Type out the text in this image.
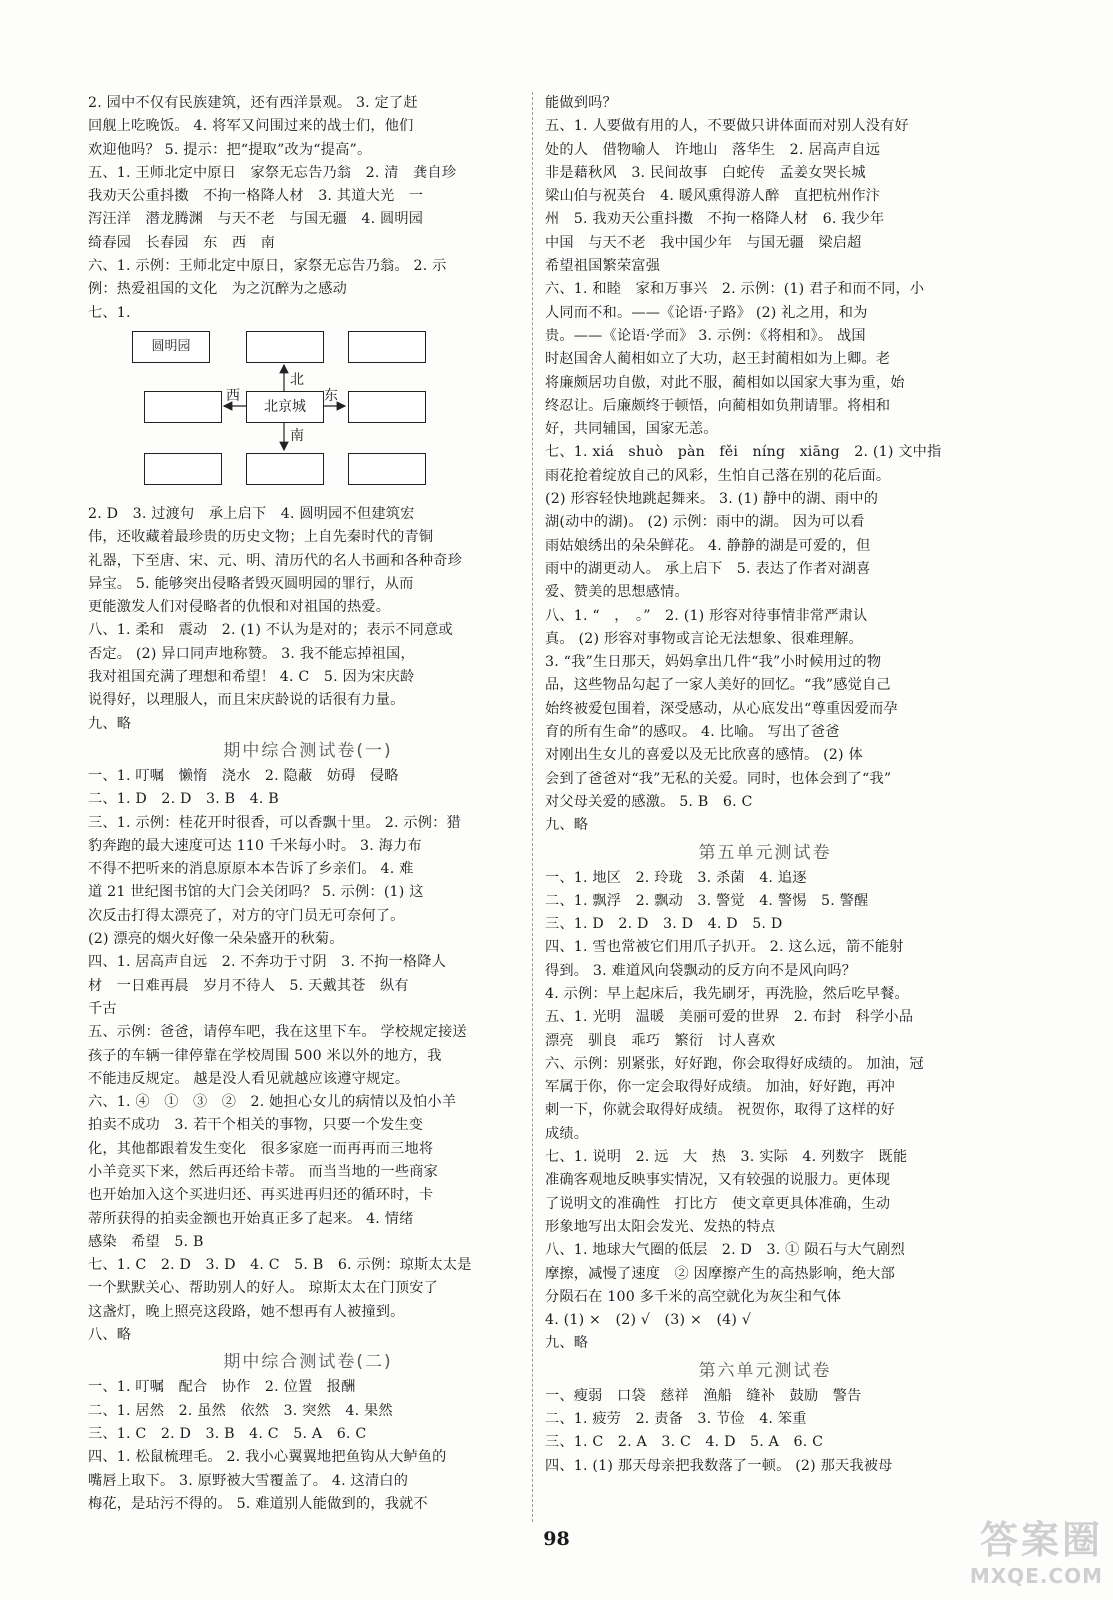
2. 园中不仅有民族建筑，还有西洋景观。 3. 定了赶
回舰上吃晚饭。 4. 将军又问围过来的战士们，他们
欢迎他吗？ 5. 提示：把“提取”改为“提高”。
五、1. 王师北定中原日　家祭无忘告乃翁　2. 清　龚自珍
我劝天公重抖擞　不拘一格降人材　3. 其道大光　一
泻汪洋　潜龙腾渊　与天不老　与国无疆　4. 圆明园
绮春园　长春园　东　西　南
六、1. 示例：王师北定中原日，家祭无忘告乃翁。 2. 示
例：热爱祖国的文化　为之沉醉为之感动
七、1.
圆明园
北京城
北
南
西	东
2. D　3. 过渡句　承上启下　4. 圆明园不但建筑宏
伟，还收藏着最珍贵的历史文物；上自先秦时代的青铜
礼器，下至唐、宋、元、明、清历代的名人书画和各种奇珍
异宝。 5. 能够突出侵略者毁灭圆明园的罪行，从而
更能激发人们对侵略者的仇恨和对祖国的热爱。
八、1. 柔和　震动　2. (1) 不认为是对的；表示不同意或
否定。 (2) 异口同声地称赞。 3. 我不能忘掉祖国，
我对祖国充满了理想和希望！ 4. C　5. 因为宋庆龄
说得好，以理服人，而且宋庆龄说的话很有力量。
九、略
期中综合测试卷(一)
一、1. 叮嘱　懒惰　浇水　2. 隐蔽　妨碍　侵略
二、1. D　2. D　3. B　4. B
三、1. 示例：桂花开时很香，可以香飘十里。 2. 示例：猎
豹奔跑的最大速度可达 110 千米每小时。 3. 海力布
不得不把听来的消息原原本本告诉了乡亲们。 4. 难
道 21 世纪图书馆的大门会关闭吗？ 5. 示例：(1) 这
次反击打得太漂亮了，对方的守门员无可奈何了。
(2) 漂亮的烟火好像一朵朵盛开的秋菊。
四、1. 居高声自远　2. 不奔功于寸阴　3. 不拘一格降人
材　一日难再晨　岁月不待人　5. 天戴其苍　纵有
千古
五、示例：爸爸，请停车吧，我在这里下车。 学校规定接送
孩子的车辆一律停靠在学校周围 500 米以外的地方，我
不能违反规定。 越是没人看见就越应该遵守规定。
六、1. ④　①　③　②　2. 她担心女儿的病情以及怕小羊
拍卖不成功　3. 若干个相关的事物，只要一个发生变
化，其他都跟着发生变化　很多家庭一而再再而三地将
小羊竞买下来，然后再还给卡蒂。 而当当地的一些商家
也开始加入这个买进归还、再买进再归还的循环时，卡
蒂所获得的拍卖金额也开始真正多了起来。 4. 情绪
感染　希望　5. B
七、1. C　2. D　3. D　4. C　5. B　6. 示例：琼斯太太是
一个默默关心、帮助别人的好人。 琼斯太太在门顶安了
这盏灯，晚上照亮这段路，她不想再有人被撞到。
八、略
期中综合测试卷(二)
一、1. 叮嘱　配合　协作　2. 位置　报酬
二、1. 居然　2. 虽然　依然　3. 突然　4. 果然
三、1. C　2. D　3. B　4. C　5. A　6. C
四、1. 松鼠梳理毛。 2. 我小心翼翼地把鱼钩从大鲈鱼的
嘴唇上取下。 3. 原野被大雪覆盖了。 4. 这清白的
梅花，是玷污不得的。 5. 难道别人能做到的，我就不
能做到吗？
五、1. 人要做有用的人，不要做只讲体面而对别人没有好
处的人　借物喻人　许地山　落华生　2. 居高声自远
非是藉秋风　3. 民间故事　白蛇传　孟姜女哭长城
梁山伯与祝英台　4. 暖风熏得游人醉　直把杭州作汴
州　5. 我劝天公重抖擞　不拘一格降人材　6. 我少年
中国　与天不老　我中国少年　与国无疆　梁启超
希望祖国繁荣富强
六、1. 和睦　家和万事兴　2. 示例：(1) 君子和而不同，小
人同而不和。——《论语·子路》 (2) 礼之用，和为
贵。——《论语·学而》 3. 示例：《将相和》。 战国
时赵国舍人蔺相如立了大功，赵王封蔺相如为上卿。老
将廉颇居功自傲，对此不服，蔺相如以国家大事为重，始
终忍让。后廉颇终于顿悟，向蔺相如负荆请罪。将相和
好，共同辅国，国家无恙。
七、1. xiá　shuò　pàn　fěi　níng　xiāng　2. (1) 文中指
雨花抢着绽放自己的风彩，生怕自己落在别的花后面。
(2) 形容轻快地跳起舞来。 3. (1) 静中的湖、雨中的
湖(动中的湖)。 (2) 示例：雨中的湖。 因为可以看
雨姑娘绣出的朵朵鲜花。 4. 静静的湖是可爱的，但
雨中的湖更动人。 承上启下　5. 表达了作者对湖喜
爱、赞美的思想感情。
八、1. “　，　。”　2. (1) 形容对待事情非常严肃认
真。 (2) 形容对事物或言论无法想象、很难理解。
3. “我”生日那天，妈妈拿出几件“我”小时候用过的物
品，这些物品勾起了一家人美好的回忆。“我”感觉自己
始终被爱包围着，深受感动，从心底发出“尊重因爱而孕
育的所有生命”的感叹。 4. 比喻。 写出了爸爸
对刚出生女儿的喜爱以及无比欣喜的感情。 (2) 体
会到了爸爸对“我”无私的关爱。同时，也体会到了“我”
对父母关爱的感激。 5. B　6. C
九、略
第五单元测试卷
一、1. 地区　2. 玲珑　3. 杀菌　4. 追逐
二、1. 飘浮　2. 飘动　3. 警觉　4. 警惕　5. 警醒
三、1. D　2. D　3. D　4. D　5. D
四、1. 雪也常被它们用爪子扒开。 2. 这么远，箭不能射
得到。 3. 难道风向袋飘动的反方向不是风向吗？
4. 示例：早上起床后，我先刷牙，再洗脸，然后吃早餐。
五、1. 光明　温暖　美丽可爱的世界　2. 布封　科学小品
漂亮　驯良　乖巧　繁衍　讨人喜欢
六、示例：别紧张，好好跑，你会取得好成绩的。 加油，冠
军属于你，你一定会取得好成绩。 加油，好好跑，再冲
刺一下，你就会取得好成绩。 祝贺你，取得了这样的好
成绩。
七、1. 说明　2. 远　大　热　3. 实际　4. 列数字　既能
准确客观地反映事实情况，又有较强的说服力。更体现
了说明文的准确性　打比方　使文章更具体准确，生动
形象地写出太阳会发光、发热的特点
八、1. 地球大气圈的低层　2. D　3. ① 陨石与大气剧烈
摩擦，减慢了速度　② 因摩擦产生的高热影响，绝大部
分陨石在 100 多千米的高空就化为灰尘和气体
4. (1) ×　(2) √　(3) ×　(4) √
九、略
第六单元测试卷
一、瘦弱　口袋　慈祥　渔船　缝补　鼓励　警告
二、1. 疲劳　2. 责备　3. 节俭　4. 笨重
三、1. C　2. A　3. C　4. D　5. A　6. C
四、1. (1) 那天母亲把我数落了一顿。 (2) 那天我被母
98	答案圈
MXQE.COM
